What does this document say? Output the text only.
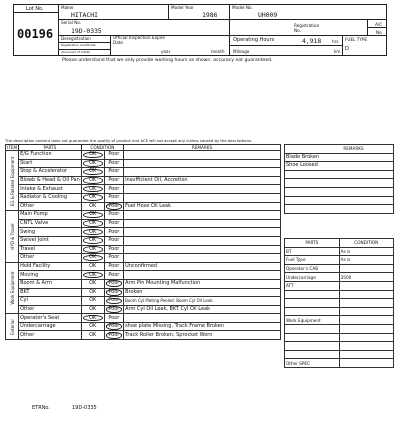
Lot No.
00196
Maker
HITACHI
Model Year
1986
Model No.
UH009
Serial No.
19D-0335
Registration No.
A/C
No
Deregistration
Registration Certificate
document of COMA
Official Inspection Expire Date
year	month
Operating Hours	4,918	hrs
Mileage	km
FUEL TYPE
D
Please understand that we only provide working hours as shown. accuracy not guaranteed.
The description content does not guarantee the quality of product and ACE will not accept any claims caused by the descriptions.
ITEM	PARTS	CONDITION		REMARKS
EG & Related Equipment	E/G Function	OK	Poor	
	Start	OK	Poor	
	Stop & Accelerator	OK	Poor	
	Blowb & Head & Oil Pan	OK	Poor	Insufficient Oil, Accretion
	Intake & Exhaust	OK	Poor	
	Radiator & Cooling	OK	Poor	
	Other	OK	Poor	Fuel Hose Oil Leak
HYD & Travel	Main Pump	OK	Poor	
	CNTL Valve	OK	Poor	
	Swing	OK	Poor	
	Swivel Joint	OK	Poor	
	Travel	OK	Poor	
	Other	OK	Poor	
Work Equipment	Hold Facility	OK	Poor	Unconfirmed
	Moving	OK	Poor	
	Boom & Arm	OK	Poor	Arm Pin Mounting Malfunction
	BKT	OK	Poor	Broken
	Cyl	OK	Poor	Boom Cyl Plating Peeled. Boom Cyl Oil Leak
	Other	OK	Poor	Arm Cyl Oil Leak, BKT Cyl Oil Leak
Exterior	Operator's Seat	OK	Poor	
	Undercarriage	OK	Poor	shoe plate Missing, Track Frame Broken
	Other	OK	Poor	Track Roller Broken, Sprocket Worn
REMARKS
Blade Broken
Shoe Loosed

PARTS	CONDITION
BT	As is
Fuel Type	As is
Operator's CAB	
Undercarriage	3500
ATT	

Work Equipment	

Other SPEC	
ETRNo.	19D-0335
